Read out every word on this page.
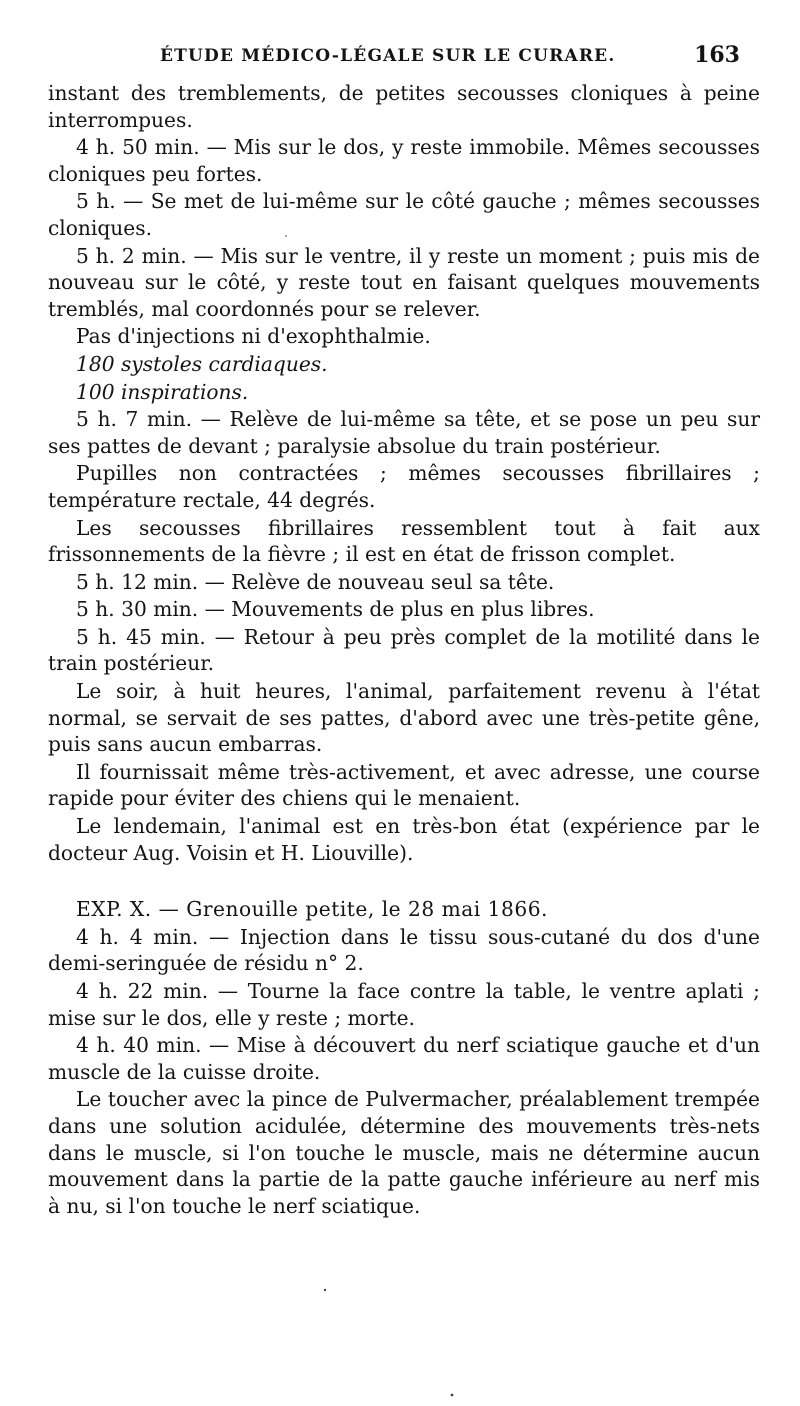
ÉTUDE MÉDICO-LÉGALE SUR LE CURARE.	163

instant des tremblements, de petites secousses cloniques à peine interrompues.

4 h. 50 min. — Mis sur le dos, y reste immobile. Mêmes secousses cloniques peu fortes.

5 h. — Se met de lui-même sur le côté gauche ; mêmes secousses cloniques.

5 h. 2 min. — Mis sur le ventre, il y reste un moment ; puis mis de nouveau sur le côté, y reste tout en faisant quelques mouvements tremblés, mal coordonnés pour se relever.

Pas d'injections ni d'exophthalmie.

180 systoles cardiaques.

100 inspirations.

5 h. 7 min. — Relève de lui-même sa tête, et se pose un peu sur ses pattes de devant ; paralysie absolue du train postérieur.

Pupilles non contractées ; mêmes secousses fibrillaires ; température rectale, 44 degrés.

Les secousses fibrillaires ressemblent tout à fait aux frissonnements de la fièvre ; il est en état de frisson complet.

5 h. 12 min. — Relève de nouveau seul sa tête.

5 h. 30 min. — Mouvements de plus en plus libres.

5 h. 45 min. — Retour à peu près complet de la motilité dans le train postérieur.

Le soir, à huit heures, l'animal, parfaitement revenu à l'état normal, se servait de ses pattes, d'abord avec une très-petite gêne, puis sans aucun embarras.

Il fournissait même très-activement, et avec adresse, une course rapide pour éviter des chiens qui le menaient.

Le lendemain, l'animal est en très-bon état (expérience par le docteur Aug. Voisin et H. Liouville).

EXP. X. — Grenouille petite, le 28 mai 1866.

4 h. 4 min. — Injection dans le tissu sous-cutané du dos d'une demi-seringuée de résidu n° 2.

4 h. 22 min. — Tourne la face contre la table, le ventre aplati ; mise sur le dos, elle y reste ; morte.

4 h. 40 min. — Mise à découvert du nerf sciatique gauche et d'un muscle de la cuisse droite.

Le toucher avec la pince de Pulvermacher, préalablement trempée dans une solution acidulée, détermine des mouvements très-nets dans le muscle, si l'on touche le muscle, mais ne détermine aucun mouvement dans la partie de la patte gauche inférieure au nerf mis à nu, si l'on touche le nerf sciatique.
